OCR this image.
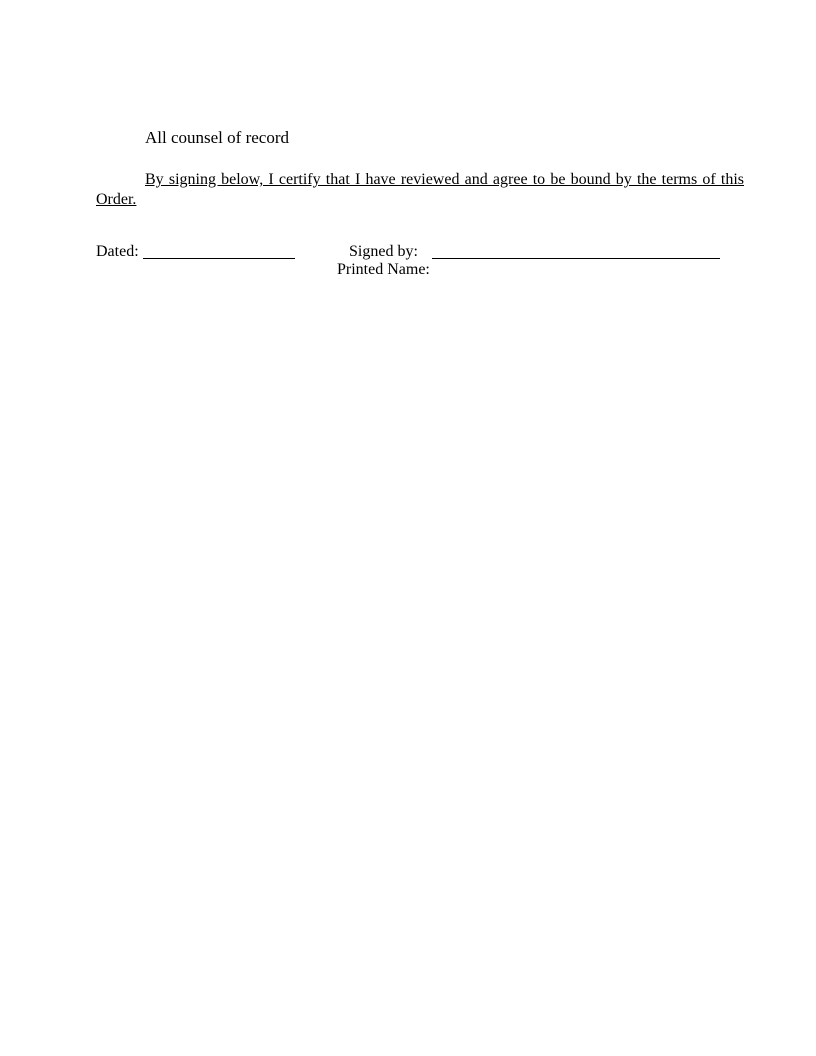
All counsel of record

By signing below, I certify that I have reviewed and agree to be bound by the terms of this Order.

Dated:	Signed by:
Printed Name:
